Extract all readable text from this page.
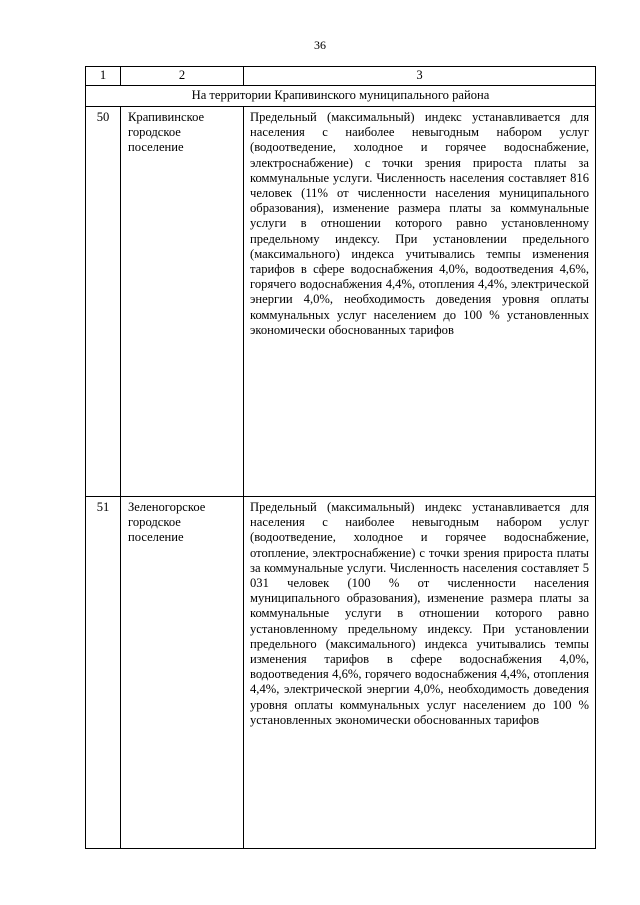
36
1	2	3
На территории Крапивинского муниципального района		
50	Крапивинское городское поселение	Предельный (максимальный) индекс устанавливается для населения с наиболее невыгодным набором услуг (водоотведение, холодное и горячее водоснабжение, электроснабжение) с точки зрения прироста платы за коммунальные услуги. Численность населения составляет 816 человек (11% от численности населения муниципального образования), изменение размера платы за коммунальные услуги в отношении которого равно установленному предельному индексу. При установлении предельного (максимального) индекса учитывались темпы изменения тарифов в сфере водоснабжения 4,0%, водоотведения 4,6%, горячего водоснабжения 4,4%, отопления 4,4%, электрической энергии 4,0%, необходимость доведения уровня оплаты коммунальных услуг населением до 100 % установленных экономически обоснованных тарифов
51	Зеленогорское городское поселение	Предельный (максимальный) индекс устанавливается для населения с наиболее невыгодным набором услуг (водоотведение, холодное и горячее водоснабжение, отопление, электроснабжение) с точки зрения прироста платы за коммунальные услуги. Численность населения составляет 5 031 человек (100 % от численности населения муниципального образования), изменение размера платы за коммунальные услуги в отношении которого равно установленному предельному индексу. При установлении предельного (максимального) индекса учитывались темпы изменения тарифов в сфере водоснабжения 4,0%, водоотведения 4,6%, горячего водоснабжения 4,4%, отопления 4,4%, электрической энергии 4,0%, необходимость доведения уровня оплаты коммунальных услуг населением до 100 % установленных экономически обоснованных тарифов
